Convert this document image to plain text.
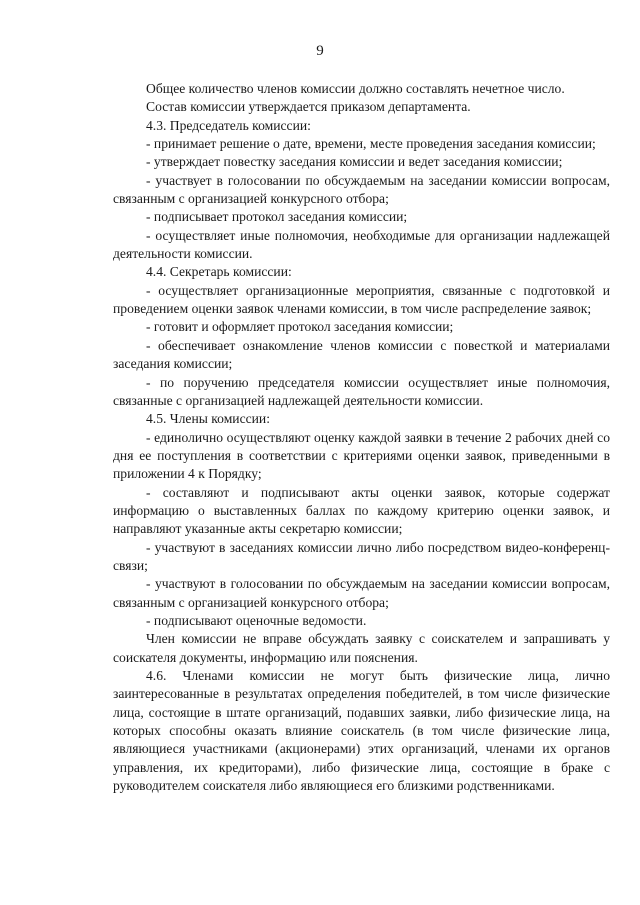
9

Общее количество членов комиссии должно составлять нечетное число.

Состав комиссии утверждается приказом департамента.

4.3. Председатель комиссии:

- принимает решение о дате, времени, месте проведения заседания комиссии;

- утверждает повестку заседания комиссии и ведет заседания комиссии;

- участвует в голосовании по обсуждаемым на заседании комиссии вопросам, связанным с организацией конкурсного отбора;

- подписывает протокол заседания комиссии;

- осуществляет иные полномочия, необходимые для организации надлежащей деятельности комиссии.

4.4. Секретарь комиссии:

- осуществляет организационные мероприятия, связанные с подготовкой и проведением оценки заявок членами комиссии, в том числе распределение заявок;

- готовит и оформляет протокол заседания комиссии;

- обеспечивает ознакомление членов комиссии с повесткой и материалами заседания комиссии;

- по поручению председателя комиссии осуществляет иные полномочия, связанные с организацией надлежащей деятельности комиссии.

4.5. Члены комиссии:

- единолично осуществляют оценку каждой заявки в течение 2 рабочих дней со дня ее поступления в соответствии с критериями оценки заявок, приведенными в приложении 4 к Порядку;

- составляют и подписывают акты оценки заявок, которые содержат информацию о выставленных баллах по каждому критерию оценки заявок, и направляют указанные акты секретарю комиссии;

- участвуют в заседаниях комиссии лично либо посредством видео-конференц-связи;

- участвуют в голосовании по обсуждаемым на заседании комиссии вопросам, связанным с организацией конкурсного отбора;

- подписывают оценочные ведомости.

Член комиссии не вправе обсуждать заявку с соискателем и запрашивать у соискателя документы, информацию или пояснения.

4.6. Членами комиссии не могут быть физические лица, лично заинтересованные в результатах определения победителей, в том числе физические лица, состоящие в штате организаций, подавших заявки, либо физические лица, на которых способны оказать влияние соискатель (в том числе физические лица, являющиеся участниками (акционерами) этих организаций, членами их органов управления, их кредиторами), либо физические лица, состоящие в браке с руководителем соискателя либо являющиеся его близкими родственниками.
